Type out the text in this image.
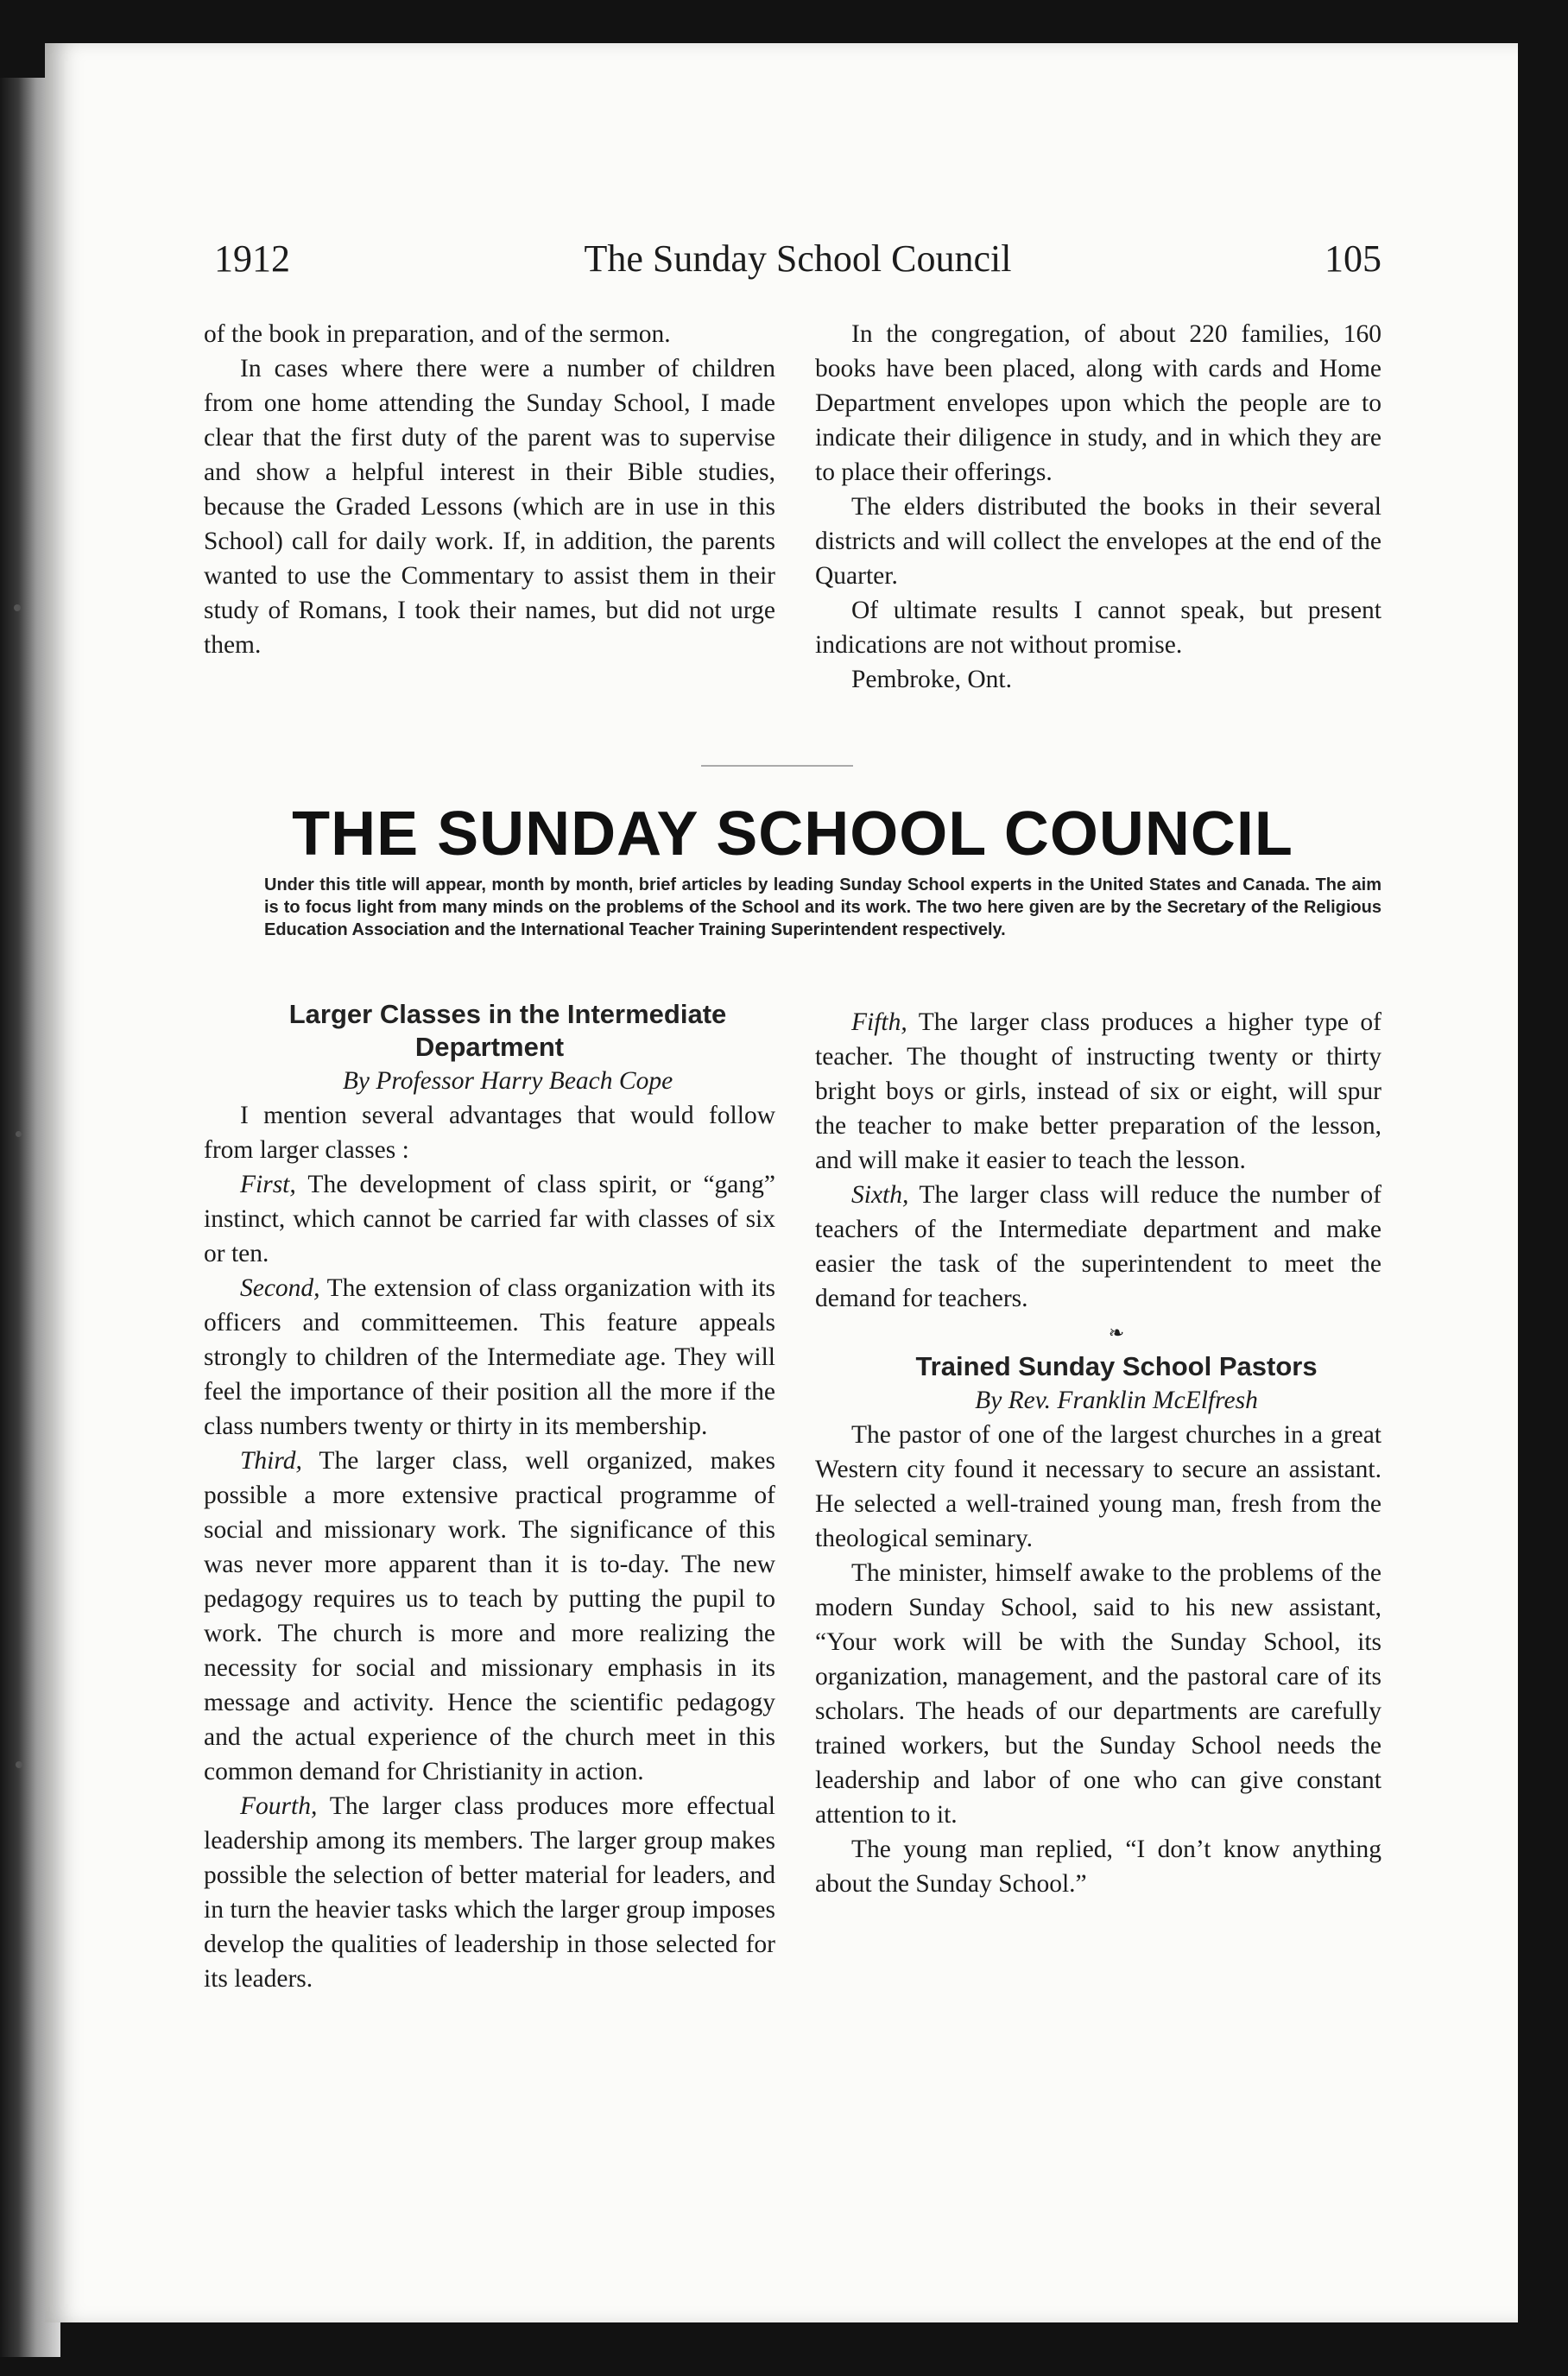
1912	The Sunday School Council	105

of the book in preparation, and of the sermon.

In cases where there were a number of children from one home attending the Sunday School, I made clear that the first duty of the parent was to supervise and show a helpful interest in their Bible studies, because the Graded Lessons (which are in use in this School) call for daily work. If, in addition, the parents wanted to use the Commentary to assist them in their study of Romans, I took their names, but did not urge them.

In the congregation, of about 220 families, 160 books have been placed, along with cards and Home Department envelopes upon which the people are to indicate their diligence in study, and in which they are to place their offerings.

The elders distributed the books in their several districts and will collect the envelopes at the end of the Quarter.

Of ultimate results I cannot speak, but present indications are not without promise.

Pembroke, Ont.

THE SUNDAY SCHOOL COUNCIL
Under this title will appear, month by month, brief articles by leading Sunday School experts in the United States and Canada. The aim is to focus light from many minds on the problems of the School and its work. The two here given are by the Secretary of the Religious Education Association and the International Teacher Training Superintendent respectively.

Larger Classes in the Intermediate Department

By Professor Harry Beach Cope

I mention several advantages that would follow from larger classes :

First, The development of class spirit, or “gang” instinct, which cannot be carried far with classes of six or ten.

Second, The extension of class organization with its officers and committeemen. This feature appeals strongly to children of the Intermediate age. They will feel the importance of their position all the more if the class numbers twenty or thirty in its membership.

Third, The larger class, well organized, makes possible a more extensive practical programme of social and missionary work. The significance of this was never more apparent than it is to-day. The new pedagogy requires us to teach by putting the pupil to work. The church is more and more realizing the necessity for social and missionary emphasis in its message and activity. Hence the scientific pedagogy and the actual experience of the church meet in this common demand for Christianity in action.

Fourth, The larger class produces more effectual leadership among its members. The larger group makes possible the selection of better material for leaders, and in turn the heavier tasks which the larger group imposes develop the qualities of leadership in those selected for its leaders.

Fifth, The larger class produces a higher type of teacher. The thought of instructing twenty or thirty bright boys or girls, instead of six or eight, will spur the teacher to make better preparation of the lesson, and will make it easier to teach the lesson.

Sixth, The larger class will reduce the number of teachers of the Intermediate department and make easier the task of the superintendent to meet the demand for teachers.

❧

Trained Sunday School Pastors

By Rev. Franklin McElfresh

The pastor of one of the largest churches in a great Western city found it necessary to secure an assistant. He selected a well-trained young man, fresh from the theological seminary.

The minister, himself awake to the problems of the modern Sunday School, said to his new assistant, “Your work will be with the Sunday School, its organization, management, and the pastoral care of its scholars. The heads of our departments are carefully trained workers, but the Sunday School needs the leadership and labor of one who can give constant attention to it.

The young man replied, “I don’t know anything about the Sunday School.”
